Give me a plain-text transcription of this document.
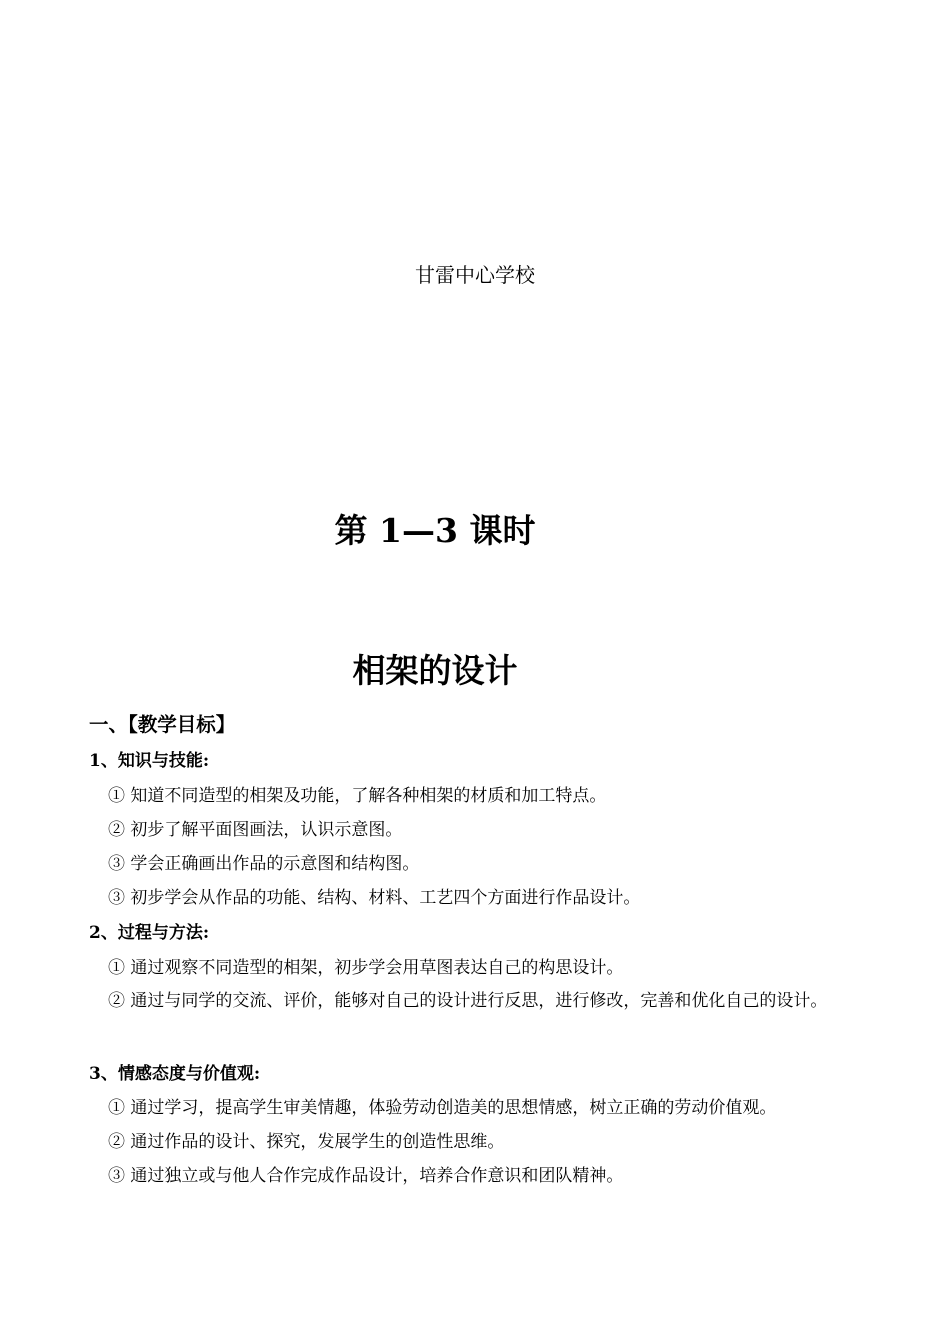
甘雷中心学校
第 1—3 课时
相架的设计
一、【教学目标】
1、知识与技能:
① 知道不同造型的相架及功能，了解各种相架的材质和加工特点。
② 初步了解平面图画法，认识示意图。
③ 学会正确画出作品的示意图和结构图。
③ 初步学会从作品的功能、结构、材料、工艺四个方面进行作品设计。
2、过程与方法:
① 通过观察不同造型的相架，初步学会用草图表达自己的构思设计。
② 通过与同学的交流、评价，能够对自己的设计进行反思，进行修改，完善和优化自己的设计。
3、情感态度与价值观:
① 通过学习，提高学生审美情趣，体验劳动创造美的思想情感，树立正确的劳动价值观。
② 通过作品的设计、探究，发展学生的创造性思维。
③ 通过独立或与他人合作完成作品设计，培养合作意识和团队精神。
